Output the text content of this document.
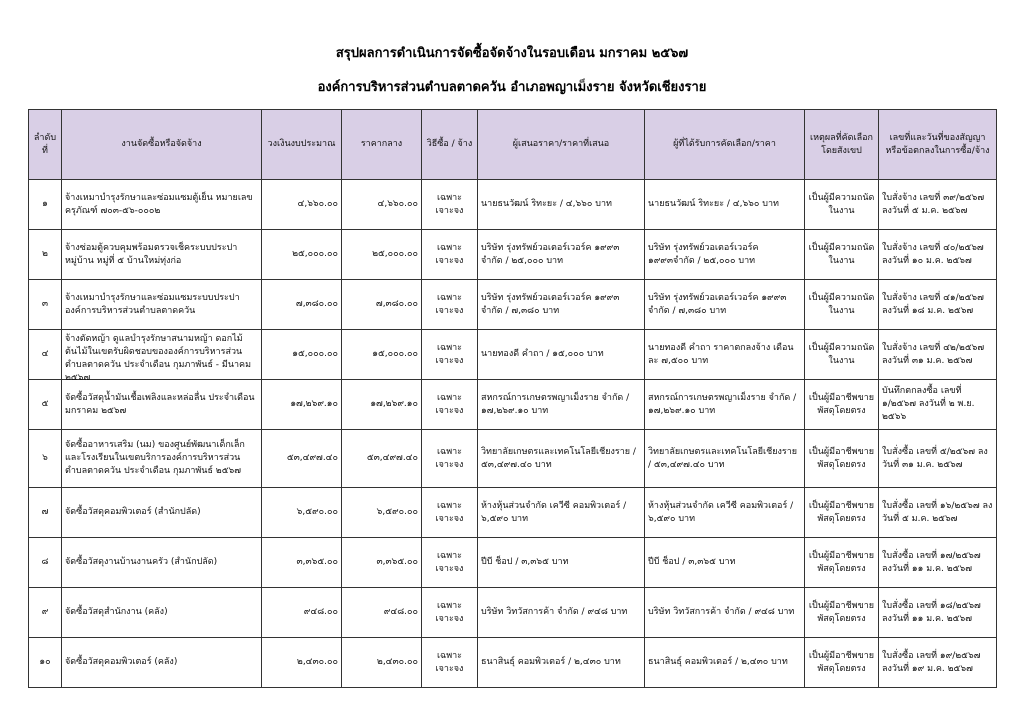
สรุปผลการดำเนินการจัดซื้อจัดจ้างในรอบเดือน มกราคม ๒๕๖๗
องค์การบริหารส่วนตำบลตาดควัน อำเภอพญาเม็งราย จังหวัดเชียงราย
ลำดับที่	งานจัดซื้อหรือจัดจ้าง	วงเงินงบประมาณ	ราคากลาง	วิธีซื้อ / จ้าง	ผู้เสนอราคา/ราคาที่เสนอ	ผู้ที่ได้รับการคัดเลือก/ราคา	เหตุผลที่คัดเลือกโดยสังเขป	เลขที่และวันที่ของสัญญาหรือข้อตกลงในการซื้อ/จ้าง

๑	จ้างเหมาบำรุงรักษาและซ่อมแซมตู้เย็น หมายเลขครุภัณฑ์ ๗๐๓-๕๖-๐๐๐๒	๔,๖๖๐.๐๐	๔,๖๖๐.๐๐	เฉพาะเจาะจง	นายธนวัฒน์ ริทะยะ / ๔,๖๖๐ บาท	นายธนวัฒน์ ริทะยะ / ๔,๖๖๐ บาท	เป็นผู้มีความถนัดในงาน	ใบสั่งจ้าง เลขที่ ๓๙/๒๕๖๗ ลงวันที่ ๕ ม.ค. ๒๕๖๗

๒	จ้างซ่อมตู้ควบคุมพร้อมตรวจเช็คระบบประปาหมู่บ้าน หมู่ที่ ๕ บ้านใหม่ทุ่งก่อ	๒๕,๐๐๐.๐๐	๒๕,๐๐๐.๐๐	เฉพาะเจาะจง	บริษัท รุ่งทรัพย์วอเตอร์เวอร์ค ๑๙๙๓ จำกัด / ๒๕,๐๐๐ บาท	บริษัท รุ่งทรัพย์วอเตอร์เวอร์ค ๑๙๙๓จำกัด / ๒๕,๐๐๐ บาท	เป็นผู้มีความถนัดในงาน	ใบสั่งจ้าง เลขที่ ๔๐/๒๕๖๗ ลงวันที่ ๑๐ ม.ค. ๒๕๖๗

๓	จ้างเหมาบำรุงรักษาและซ่อมแซมระบบประปาองค์การบริหารส่วนตำบลตาดควัน	๗,๓๘๐.๐๐	๗,๓๘๐.๐๐	เฉพาะเจาะจง	บริษัท รุ่งทรัพย์วอเตอร์เวอร์ค ๑๙๙๓ จำกัด / ๗,๓๘๐ บาท	บริษัท รุ่งทรัพย์วอเตอร์เวอร์ค ๑๙๙๓ จำกัด / ๗,๓๘๐ บาท	เป็นผู้มีความถนัดในงาน	ใบสั่งจ้าง เลขที่ ๔๑/๒๕๖๗ ลงวันที่ ๑๘ ม.ค. ๒๕๖๗

๔	จ้างตัดหญ้า ดูแลบำรุงรักษาสนามหญ้า ดอกไม้ ต้นไม้ในเขตรับผิดชอบขององค์การบริหารส่วนตำบลตาดควัน ประจำเดือน กุมภาพันธ์ - มีนาคม ๒๕๖๗	๑๕,๐๐๐.๐๐	๑๕,๐๐๐.๐๐	เฉพาะเจาะจง	นายทองดี คำถา / ๑๕,๐๐๐ บาท	นายทองดี คำถา ราคาตกลงจ้าง เดือนละ ๗,๕๐๐ บาท	เป็นผู้มีความถนัดในงาน	ใบสั่งจ้าง เลขที่ ๔๒/๒๕๖๗ ลงวันที่ ๓๑ ม.ค. ๒๕๖๗

๕	จัดซื้อวัสดุน้ำมันเชื้อเพลิงและหล่อลื่น ประจำเดือน มกราคม ๒๕๖๗	๑๗,๒๖๙.๑๐	๑๗,๒๖๙.๑๐	เฉพาะเจาะจง	สหกรณ์การเกษตรพญาเม็งราย จำกัด / ๑๗,๒๖๙.๑๐ บาท	สหกรณ์การเกษตรพญาเม็งราย จำกัด / ๑๗,๒๖๙.๑๐ บาท	เป็นผู้มีอาชีพขายพัสดุโดยตรง	บันทึกตกลงซื้อ เลขที่ ๑/๒๕๖๗ ลงวันที่ ๒ พ.ย. ๒๕๖๖

๖	จัดซื้ออาหารเสริม (นม) ของศูนย์พัฒนาเด็กเล็กและโรงเรียนในเขตบริการองค์การบริหารส่วนตำบลตาดควัน ประจำเดือน กุมภาพันธ์ ๒๕๖๗	๕๓,๔๙๗.๔๐	๕๓,๔๙๗.๔๐	เฉพาะเจาะจง	วิทยาลัยเกษตรและเทคโนโลยีเชียงราย / ๕๓,๔๙๗.๔๐ บาท	วิทยาลัยเกษตรและเทคโนโลยีเชียงราย / ๕๓,๔๙๗.๔๐ บาท	เป็นผู้มีอาชีพขายพัสดุโดยตรง	ใบสั่งซื้อ เลขที่ ๕/๒๕๖๗ ลงวันที่ ๓๑ ม.ค. ๒๕๖๗

๗	จัดซื้อวัสดุคอมพิวเตอร์ (สำนักปลัด)	๖,๕๙๐.๐๐	๖,๕๙๐.๐๐	เฉพาะเจาะจง	ห้างหุ้นส่วนจำกัด เควีซี คอมพิวเตอร์ / ๖,๕๙๐ บาท	ห้างหุ้นส่วนจำกัด เควีซี คอมพิวเตอร์ / ๖,๕๙๐ บาท	เป็นผู้มีอาชีพขายพัสดุโดยตรง	ใบสั่งซื้อ เลขที่ ๑๖/๒๕๖๗ ลงวันที่ ๕ ม.ค. ๒๕๖๗

๘	จัดซื้อวัสดุงานบ้านงานครัว (สำนักปลัด)	๓,๓๖๕.๐๐	๓,๓๖๕.๐๐	เฉพาะเจาะจง	ปีบี ช็อป / ๓,๓๖๕ บาท	ปีบี ช็อป / ๓,๓๖๕ บาท	เป็นผู้มีอาชีพขายพัสดุโดยตรง	ใบสั่งซื้อ เลขที่ ๑๗/๒๕๖๗ ลงวันที่ ๑๑ ม.ค. ๒๕๖๗

๙	จัดซื้อวัสดุสำนักงาน (คลัง)	๙๔๘.๐๐	๙๔๘.๐๐	เฉพาะเจาะจง	บริษัท วิทวัสการค้า จำกัด / ๙๔๘ บาท	บริษัท วิทวัสการค้า จำกัด / ๙๔๘ บาท	เป็นผู้มีอาชีพขายพัสดุโดยตรง	ใบสั่งซื้อ เลขที่ ๑๘/๒๕๖๗ ลงวันที่ ๑๑ ม.ค. ๒๕๖๗

๑๐	จัดซื้อวัสดุคอมพิวเตอร์ (คลัง)	๒,๔๓๐.๐๐	๒,๔๓๐.๐๐	เฉพาะเจาะจง	ธนาสินธุ์ คอมพิวเตอร์ / ๒,๔๓๐ บาท	ธนาสินธุ์ คอมพิวเตอร์ / ๒,๔๓๐ บาท	เป็นผู้มีอาชีพขายพัสดุโดยตรง	ใบสั่งซื้อ เลขที่ ๑๙/๒๕๖๗ ลงวันที่ ๑๙ ม.ค. ๒๕๖๗
